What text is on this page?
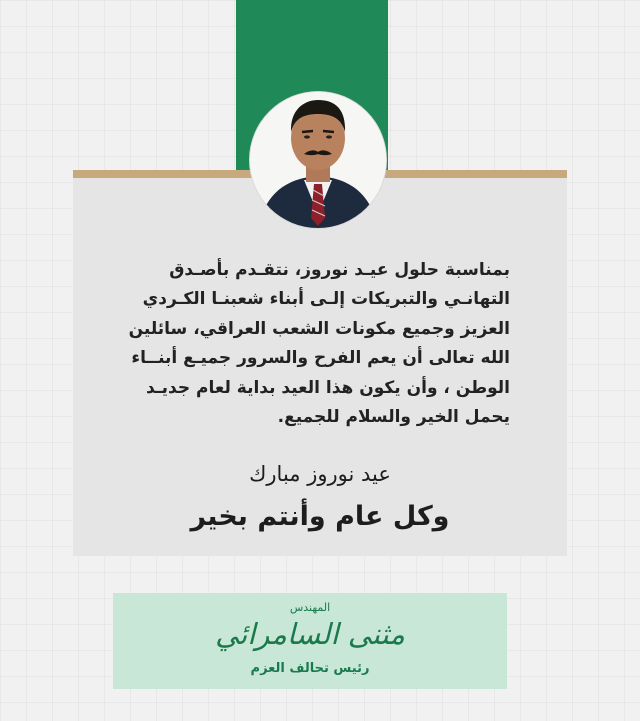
بمناسبة حلول عيـد نوروز، نتقـدم بأصـدق
التهانـي والتبريكات إلـى أبناء شعبنـا الكـردي
العزيز وجميع مكونات الشعب العراقي، سائلين
الله تعالى أن يعم الفرح والسرور جميـع أبنــاء
الوطن ، وأن يكون هذا العيد بداية لعام جديـد
يحمل الخير والسلام للجميع.
عيد نوروز مبارك
وكل عام وأنتم بخير
المهندس
مثنى السامرائي
رئيس تحالف العزم
